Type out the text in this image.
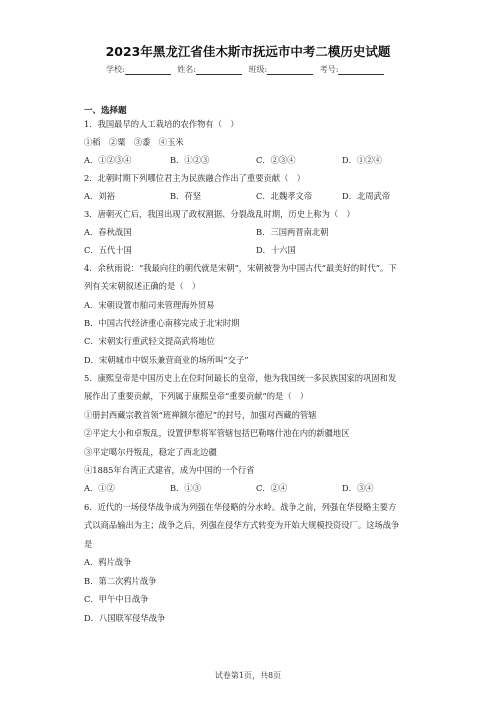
2023年黑龙江省佳木斯市抚远市中考二模历史试题
学校:	姓名:	班级:	考号:
一、选择题
1．我国最早的人工栽培的农作物有（　）
①稻　②粟　③黍　④玉米
A．①②③④	B．①②③	C．②③④	D．①②④
2．北朝时期下列哪位君主为民族融合作出了重要贡献（　）
A．刘裕	B．苻坚	C．北魏孝文帝	D．北周武帝
3．唐朝灭亡后，我国出现了政权割据、分裂战乱时期，历史上称为（　）
A．春秋战国	B．三国两晋南北朝
C．五代十国	D．十六国
4．余秋雨说：“我最向往的朝代就是宋朝”，宋朝被誉为中国古代“最美好的时代”。下
列有关宋朝叙述正确的是（　）
A．宋朝设置市舶司来管理海外贸易
B．中国古代经济重心南移完成于北宋时期
C．宋朝实行重武轻文提高武将地位
D．宋朝城市中娱乐兼营商业的场所叫“交子”
5．康熙皇帝是中国历史上在位时间最长的皇帝，他为我国统一多民族国家的巩固和发
展作出了重要贡献，下列属于康熙皇帝“重要贡献”的是（　）
①册封西藏宗教首领“班禅额尔德尼”的封号，加强对西藏的管辖
②平定大小和卓叛乱，设置伊犁将军管辖包括巴勒喀什池在内的新疆地区
③平定噶尔丹叛乱，稳定了西北边疆
④1885年台湾正式建省，成为中国的一个行省
A．①②	B．①③	C．②④	D．③④
6．近代的一场侵华战争成为列强在华侵略的分水岭。战争之前，列强在华侵略主要方
式以商品输出为主；战争之后，列强在侵华方式转变为开始大规模投资设厂。这场战争
是
A．鸦片战争
B．第二次鸦片战争
C．甲午中日战争
D．八国联军侵华战争
试卷第1页，共8页
